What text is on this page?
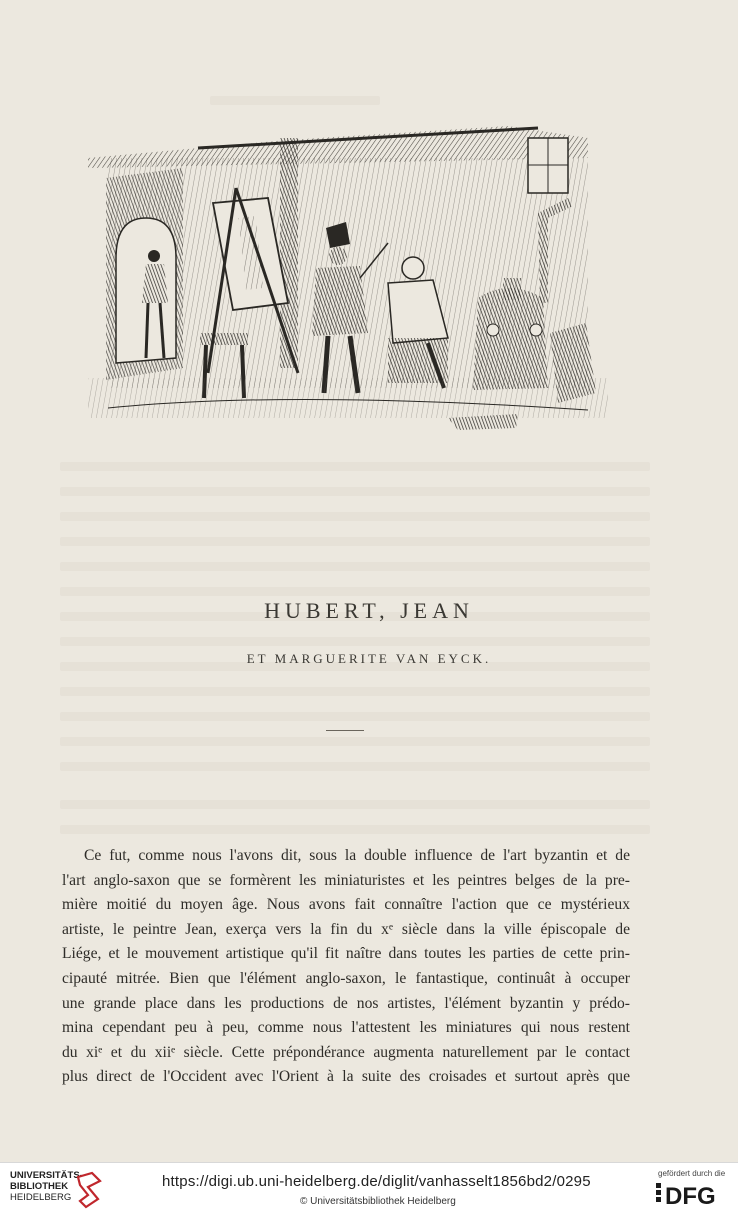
HUBERT, JEAN
ET MARGUERITE VAN EYCK.
Ce fut, comme nous l'avons dit, sous la double influence de l'art byzantin et de
l'art anglo-saxon que se formèrent les miniaturistes et les peintres belges de la pre-
mière moitié du moyen âge. Nous avons fait connaître l'action que ce mystérieux
artiste, le peintre Jean, exerça vers la fin du xᵉ siècle dans la ville épiscopale de
Liége, et le mouvement artistique qu'il fit naître dans toutes les parties de cette prin-
cipauté mitrée. Bien que l'élément anglo-saxon, le fantastique, continuât à occuper
une grande place dans les productions de nos artistes, l'élément byzantin y prédo-
mina cependant peu à peu, comme nous l'attestent les miniatures qui nous restent
du xiᵉ et du xiiᵉ siècle. Cette prépondérance augmenta naturellement par le contact
plus direct de l'Occident avec l'Orient à la suite des croisades et surtout après que
UNIVERSITÄTS-
BIBLIOTHEK
HEIDELBERG
https://digi.ub.uni-heidelberg.de/diglit/vanhasselt1856bd2/0295
© Universitätsbibliothek Heidelberg
gefördert durch die
DFG
